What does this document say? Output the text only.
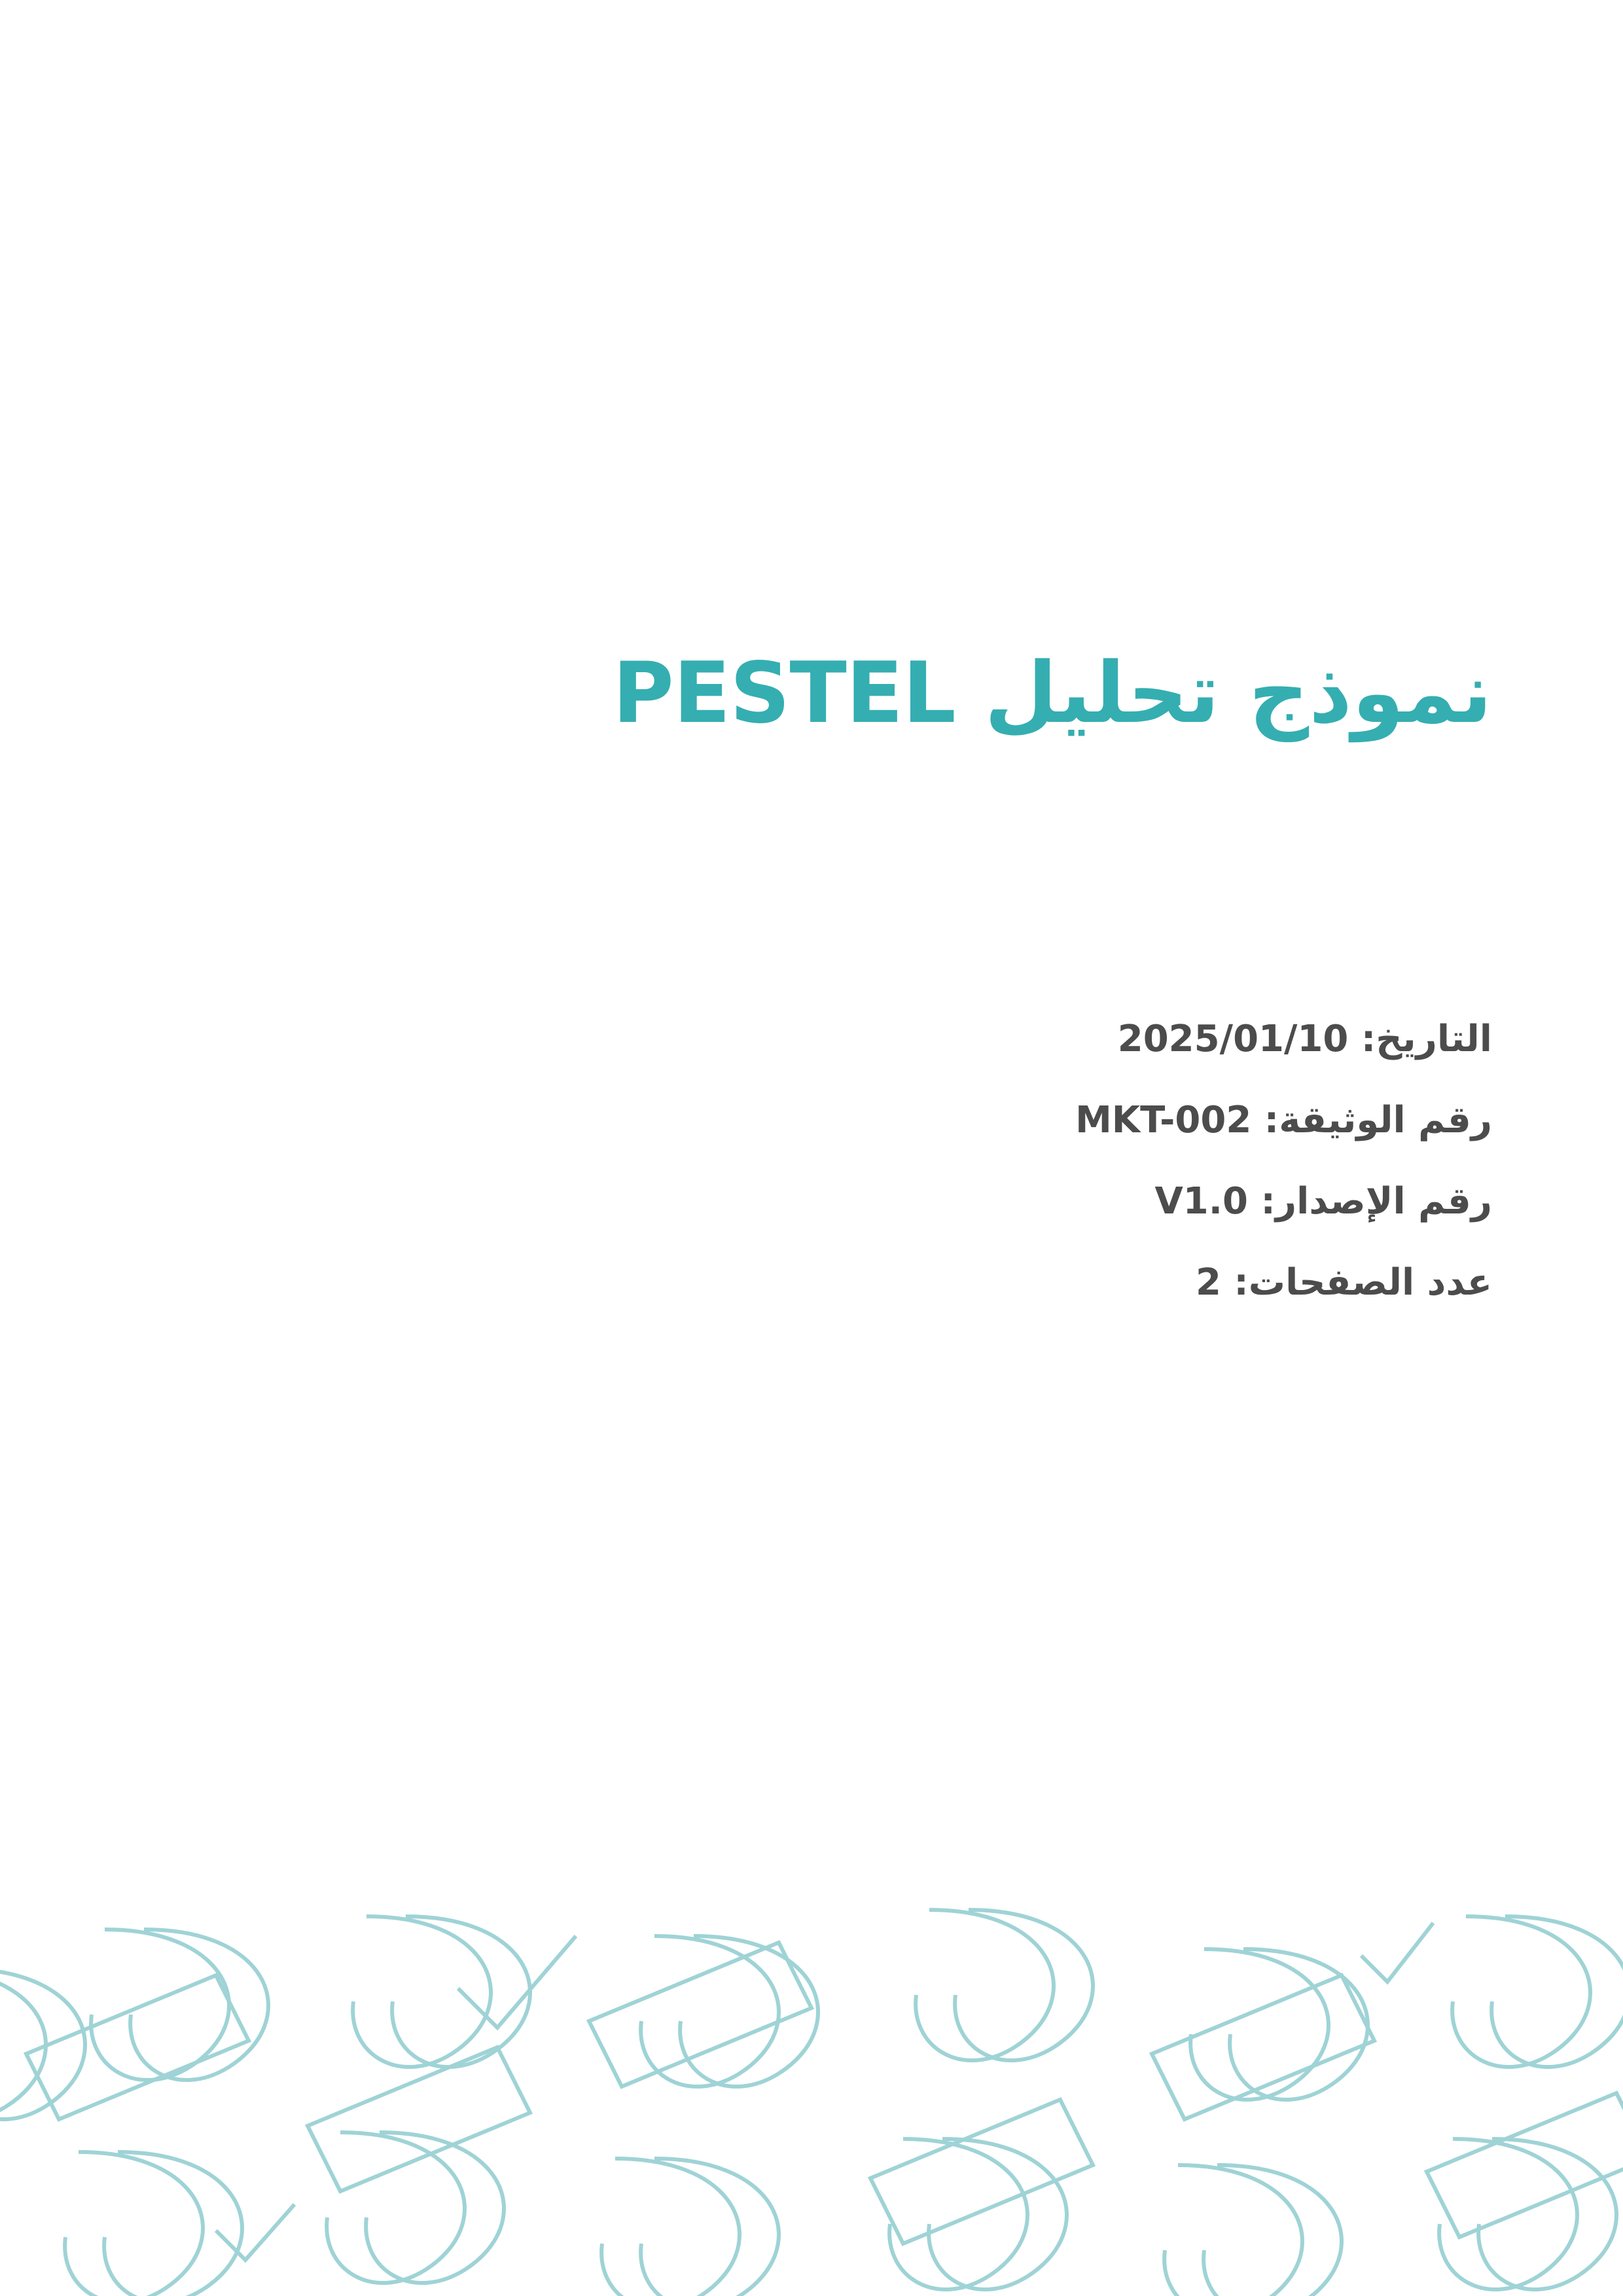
نموذج تحليل PESTEL
التاريخ: 2025/01/10
رقم الوثيقة: MKT-002
رقم الإصدار: V1.0
عدد الصفحات: 2
